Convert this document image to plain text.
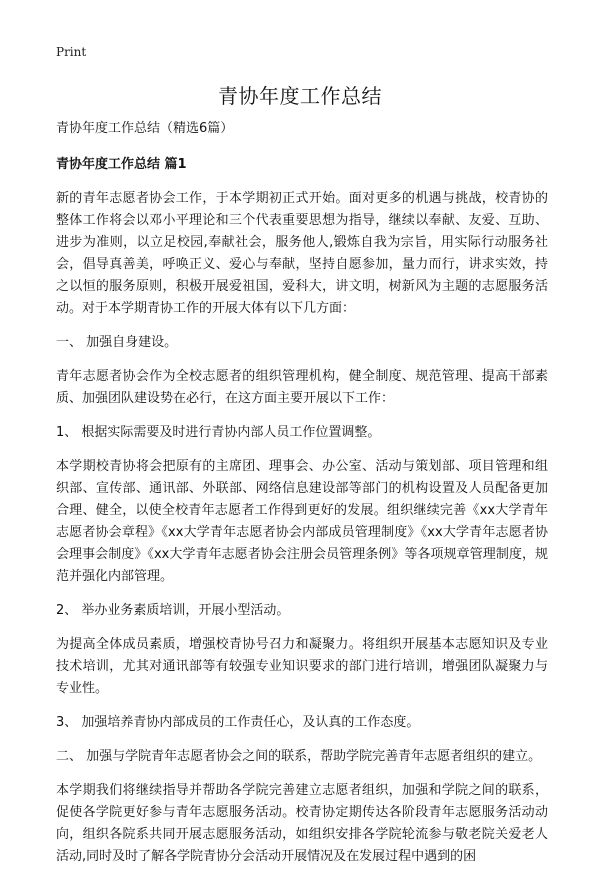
Print
青协年度工作总结

青协年度工作总结（精选6篇）

青协年度工作总结 篇1

新的青年志愿者协会工作，于本学期初正式开始。面对更多的机遇与挑战，校青协的整体工作将会以邓小平理论和三个代表重要思想为指导，继续以奉献、友爱、互助、进步为准则，以立足校园,奉献社会，服务他人,锻炼自我为宗旨，用实际行动服务社会，倡导真善美，呼唤正义、爱心与奉献，坚持自愿参加，量力而行，讲求实效，持之以恒的服务原则，积极开展爱祖国，爱科大，讲文明，树新风为主题的志愿服务活动。对于本学期青协工作的开展大体有以下几方面：

一、 加强自身建设。

青年志愿者协会作为全校志愿者的组织管理机构，健全制度、规范管理、提高干部素质、加强团队建设势在必行，在这方面主要开展以下工作：

1、 根据实际需要及时进行青协内部人员工作位置调整。

本学期校青协将会把原有的主席团、理事会、办公室、活动与策划部、项目管理和组织部、宣传部、通讯部、外联部、网络信息建设部等部门的机构设置及人员配备更加合理、健全，以使全校青年志愿者工作得到更好的发展。组织继续完善《xx大学青年志愿者协会章程》《xx大学青年志愿者协会内部成员管理制度》《xx大学青年志愿者协会理事会制度》《xx大学青年志愿者协会注册会员管理条例》等各项规章管理制度，规范并强化内部管理。

2、 举办业务素质培训，开展小型活动。

为提高全体成员素质，增强校青协号召力和凝聚力。将组织开展基本志愿知识及专业技术培训，尤其对通讯部等有较强专业知识要求的部门进行培训，增强团队凝聚力与专业性。

3、 加强培养青协内部成员的工作责任心，及认真的工作态度。

二、 加强与学院青年志愿者协会之间的联系，帮助学院完善青年志愿者组织的建立。

本学期我们将继续指导并帮助各学院完善建立志愿者组织，加强和学院之间的联系，促使各学院更好参与青年志愿服务活动。校青协定期传达各阶段青年志愿服务活动动向，组织各院系共同开展志愿服务活动，如组织安排各学院轮流参与敬老院关爱老人活动,同时及时了解各学院青协分会活动开展情况及在发展过程中遇到的困
